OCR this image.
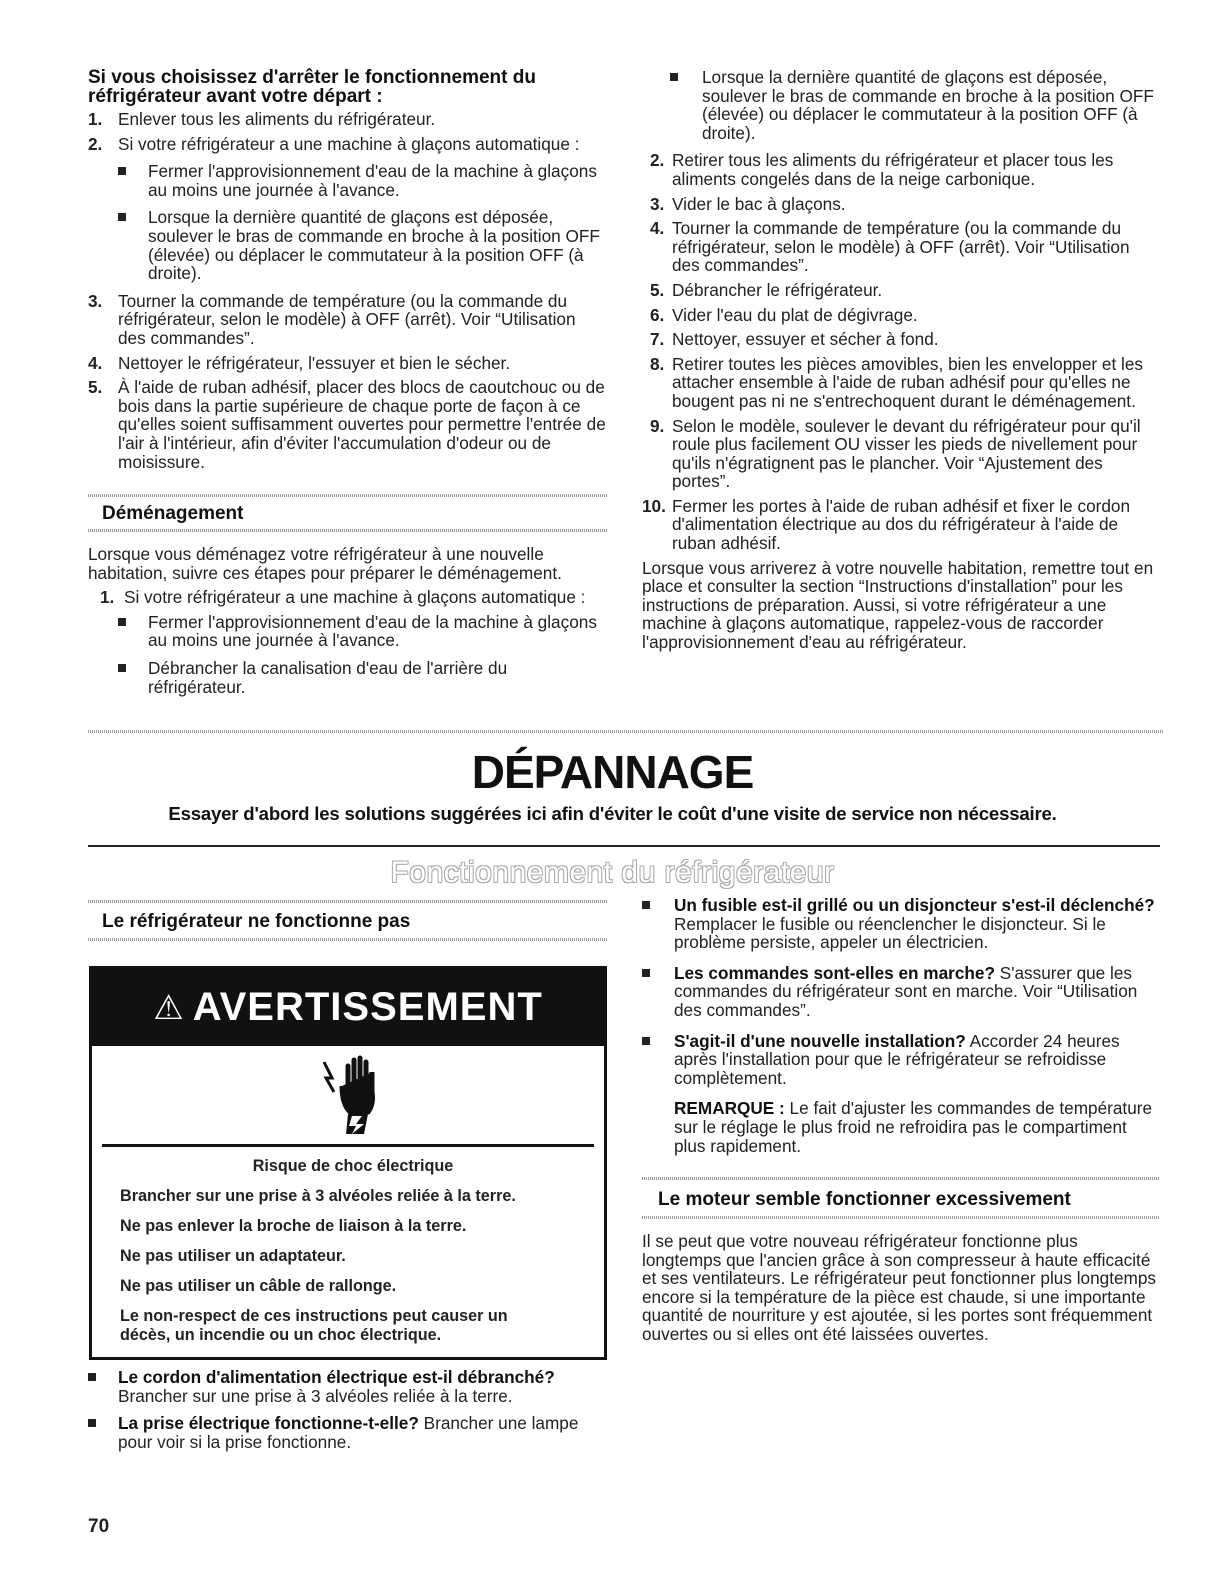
Si vous choisissez d'arrêter le fonctionnement du réfrigérateur avant votre départ :
1. Enlever tous les aliments du réfrigérateur.
2. Si votre réfrigérateur a une machine à glaçons automatique :
Fermer l'approvisionnement d'eau de la machine à glaçons au moins une journée à l'avance.
Lorsque la dernière quantité de glaçons est déposée, soulever le bras de commande en broche à la position OFF (élevée) ou déplacer le commutateur à la position OFF (à droite).
3. Tourner la commande de température (ou la commande du réfrigérateur, selon le modèle) à OFF (arrêt). Voir “Utilisation des commandes”.
4. Nettoyer le réfrigérateur, l'essuyer et bien le sécher.
5. À l'aide de ruban adhésif, placer des blocs de caoutchouc ou de bois dans la partie supérieure de chaque porte de façon à ce qu'elles soient suffisamment ouvertes pour permettre l'entrée de l'air à l'intérieur, afin d'éviter l'accumulation d'odeur ou de moisissure.
Déménagement
Lorsque vous déménagez votre réfrigérateur à une nouvelle habitation, suivre ces étapes pour préparer le déménagement.
1. Si votre réfrigérateur a une machine à glaçons automatique :
Fermer l'approvisionnement d'eau de la machine à glaçons au moins une journée à l'avance.
Débrancher la canalisation d'eau de l'arrière du réfrigérateur.
Lorsque la dernière quantité de glaçons est déposée, soulever le bras de commande en broche à la position OFF (élevée) ou déplacer le commutateur à la position OFF (à droite).
2. Retirer tous les aliments du réfrigérateur et placer tous les aliments congelés dans de la neige carbonique.
3. Vider le bac à glaçons.
4. Tourner la commande de température (ou la commande du réfrigérateur, selon le modèle) à OFF (arrêt). Voir “Utilisation des commandes”.
5. Débrancher le réfrigérateur.
6. Vider l'eau du plat de dégivrage.
7. Nettoyer, essuyer et sécher à fond.
8. Retirer toutes les pièces amovibles, bien les envelopper et les attacher ensemble à l'aide de ruban adhésif pour qu'elles ne bougent pas ni ne s'entrechoquent durant le déménagement.
9. Selon le modèle, soulever le devant du réfrigérateur pour qu'il roule plus facilement OU visser les pieds de nivellement pour qu'ils n'égratignent pas le plancher. Voir “Ajustement des portes”.
10. Fermer les portes à l'aide de ruban adhésif et fixer le cordon d'alimentation électrique au dos du réfrigérateur à l'aide de ruban adhésif.
Lorsque vous arriverez à votre nouvelle habitation, remettre tout en place et consulter la section “Instructions d'installation” pour les instructions de préparation. Aussi, si votre réfrigérateur a une machine à glaçons automatique, rappelez-vous de raccorder l'approvisionnement d'eau au réfrigérateur.
DÉPANNAGE
Essayer d'abord les solutions suggérées ici afin d'éviter le coût d'une visite de service non nécessaire.
Fonctionnement du réfrigérateur
Le réfrigérateur ne fonctionne pas
⚠ AVERTISSEMENT

Risque de choc électrique

Brancher sur une prise à 3 alvéoles reliée à la terre.

Ne pas enlever la broche de liaison à la terre.

Ne pas utiliser un adaptateur.

Ne pas utiliser un câble de rallonge.

Le non-respect de ces instructions peut causer un décès, un incendie ou un choc électrique.

Le cordon d'alimentation électrique est-il débranché?
Brancher sur une prise à 3 alvéoles reliée à la terre.
La prise électrique fonctionne-t-elle? Brancher une lampe pour voir si la prise fonctionne.
Un fusible est-il grillé ou un disjoncteur s'est-il déclenché? Remplacer le fusible ou réenclencher le disjoncteur. Si le problème persiste, appeler un électricien.
Les commandes sont-elles en marche? S'assurer que les commandes du réfrigérateur sont en marche. Voir “Utilisation des commandes”.
S'agit-il d'une nouvelle installation? Accorder 24 heures après l'installation pour que le réfrigérateur se refroidisse complètement.
REMARQUE : Le fait d'ajuster les commandes de température sur le réglage le plus froid ne refroidira pas le compartiment plus rapidement.
Le moteur semble fonctionner excessivement
Il se peut que votre nouveau réfrigérateur fonctionne plus longtemps que l'ancien grâce à son compresseur à haute efficacité et ses ventilateurs. Le réfrigérateur peut fonctionner plus longtemps encore si la température de la pièce est chaude, si une importante quantité de nourriture y est ajoutée, si les portes sont fréquemment ouvertes ou si elles ont été laissées ouvertes.
70
